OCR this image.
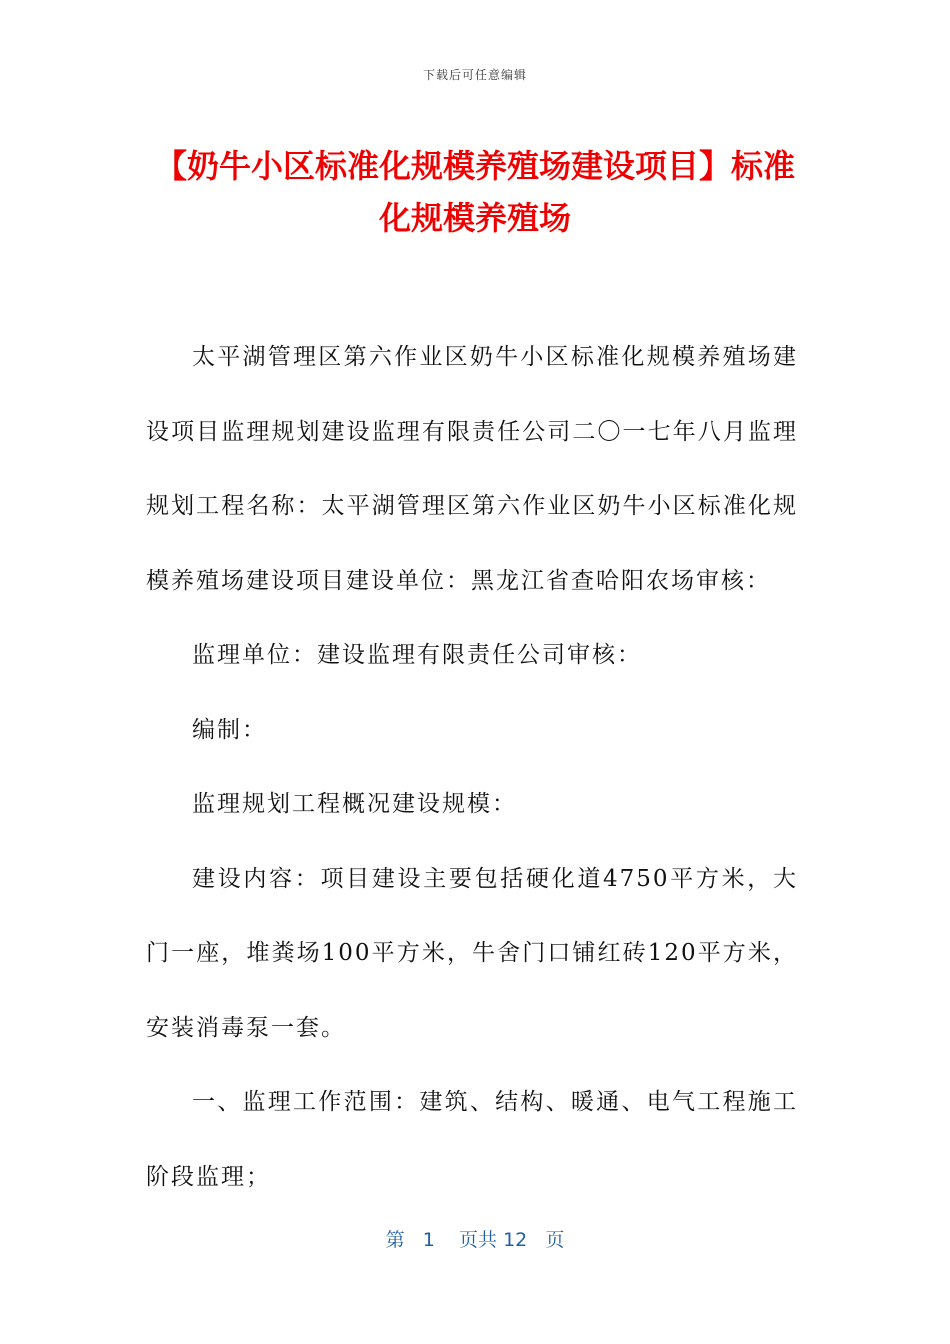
下载后可任意编辑
【奶牛小区标准化规模养殖场建设项目】标准化规模养殖场

太平湖管理区第六作业区奶牛小区标准化规模养殖场建设项目监理规划建设监理有限责任公司二〇一七年八月监理规划工程名称：太平湖管理区第六作业区奶牛小区标准化规模养殖场建设项目建设单位：黑龙江省查哈阳农场审核：

监理单位：建设监理有限责任公司审核：

编制：

监理规划工程概况建设规模：

建设内容：项目建设主要包括硬化道4750平方米，大门一座，堆粪场100平方米，牛舍门口铺红砖120平方米，安装消毒泵一套。

一、监理工作范围：建筑、结构、暖通、电气工程施工阶段监理；

第 1 页共 12 页
